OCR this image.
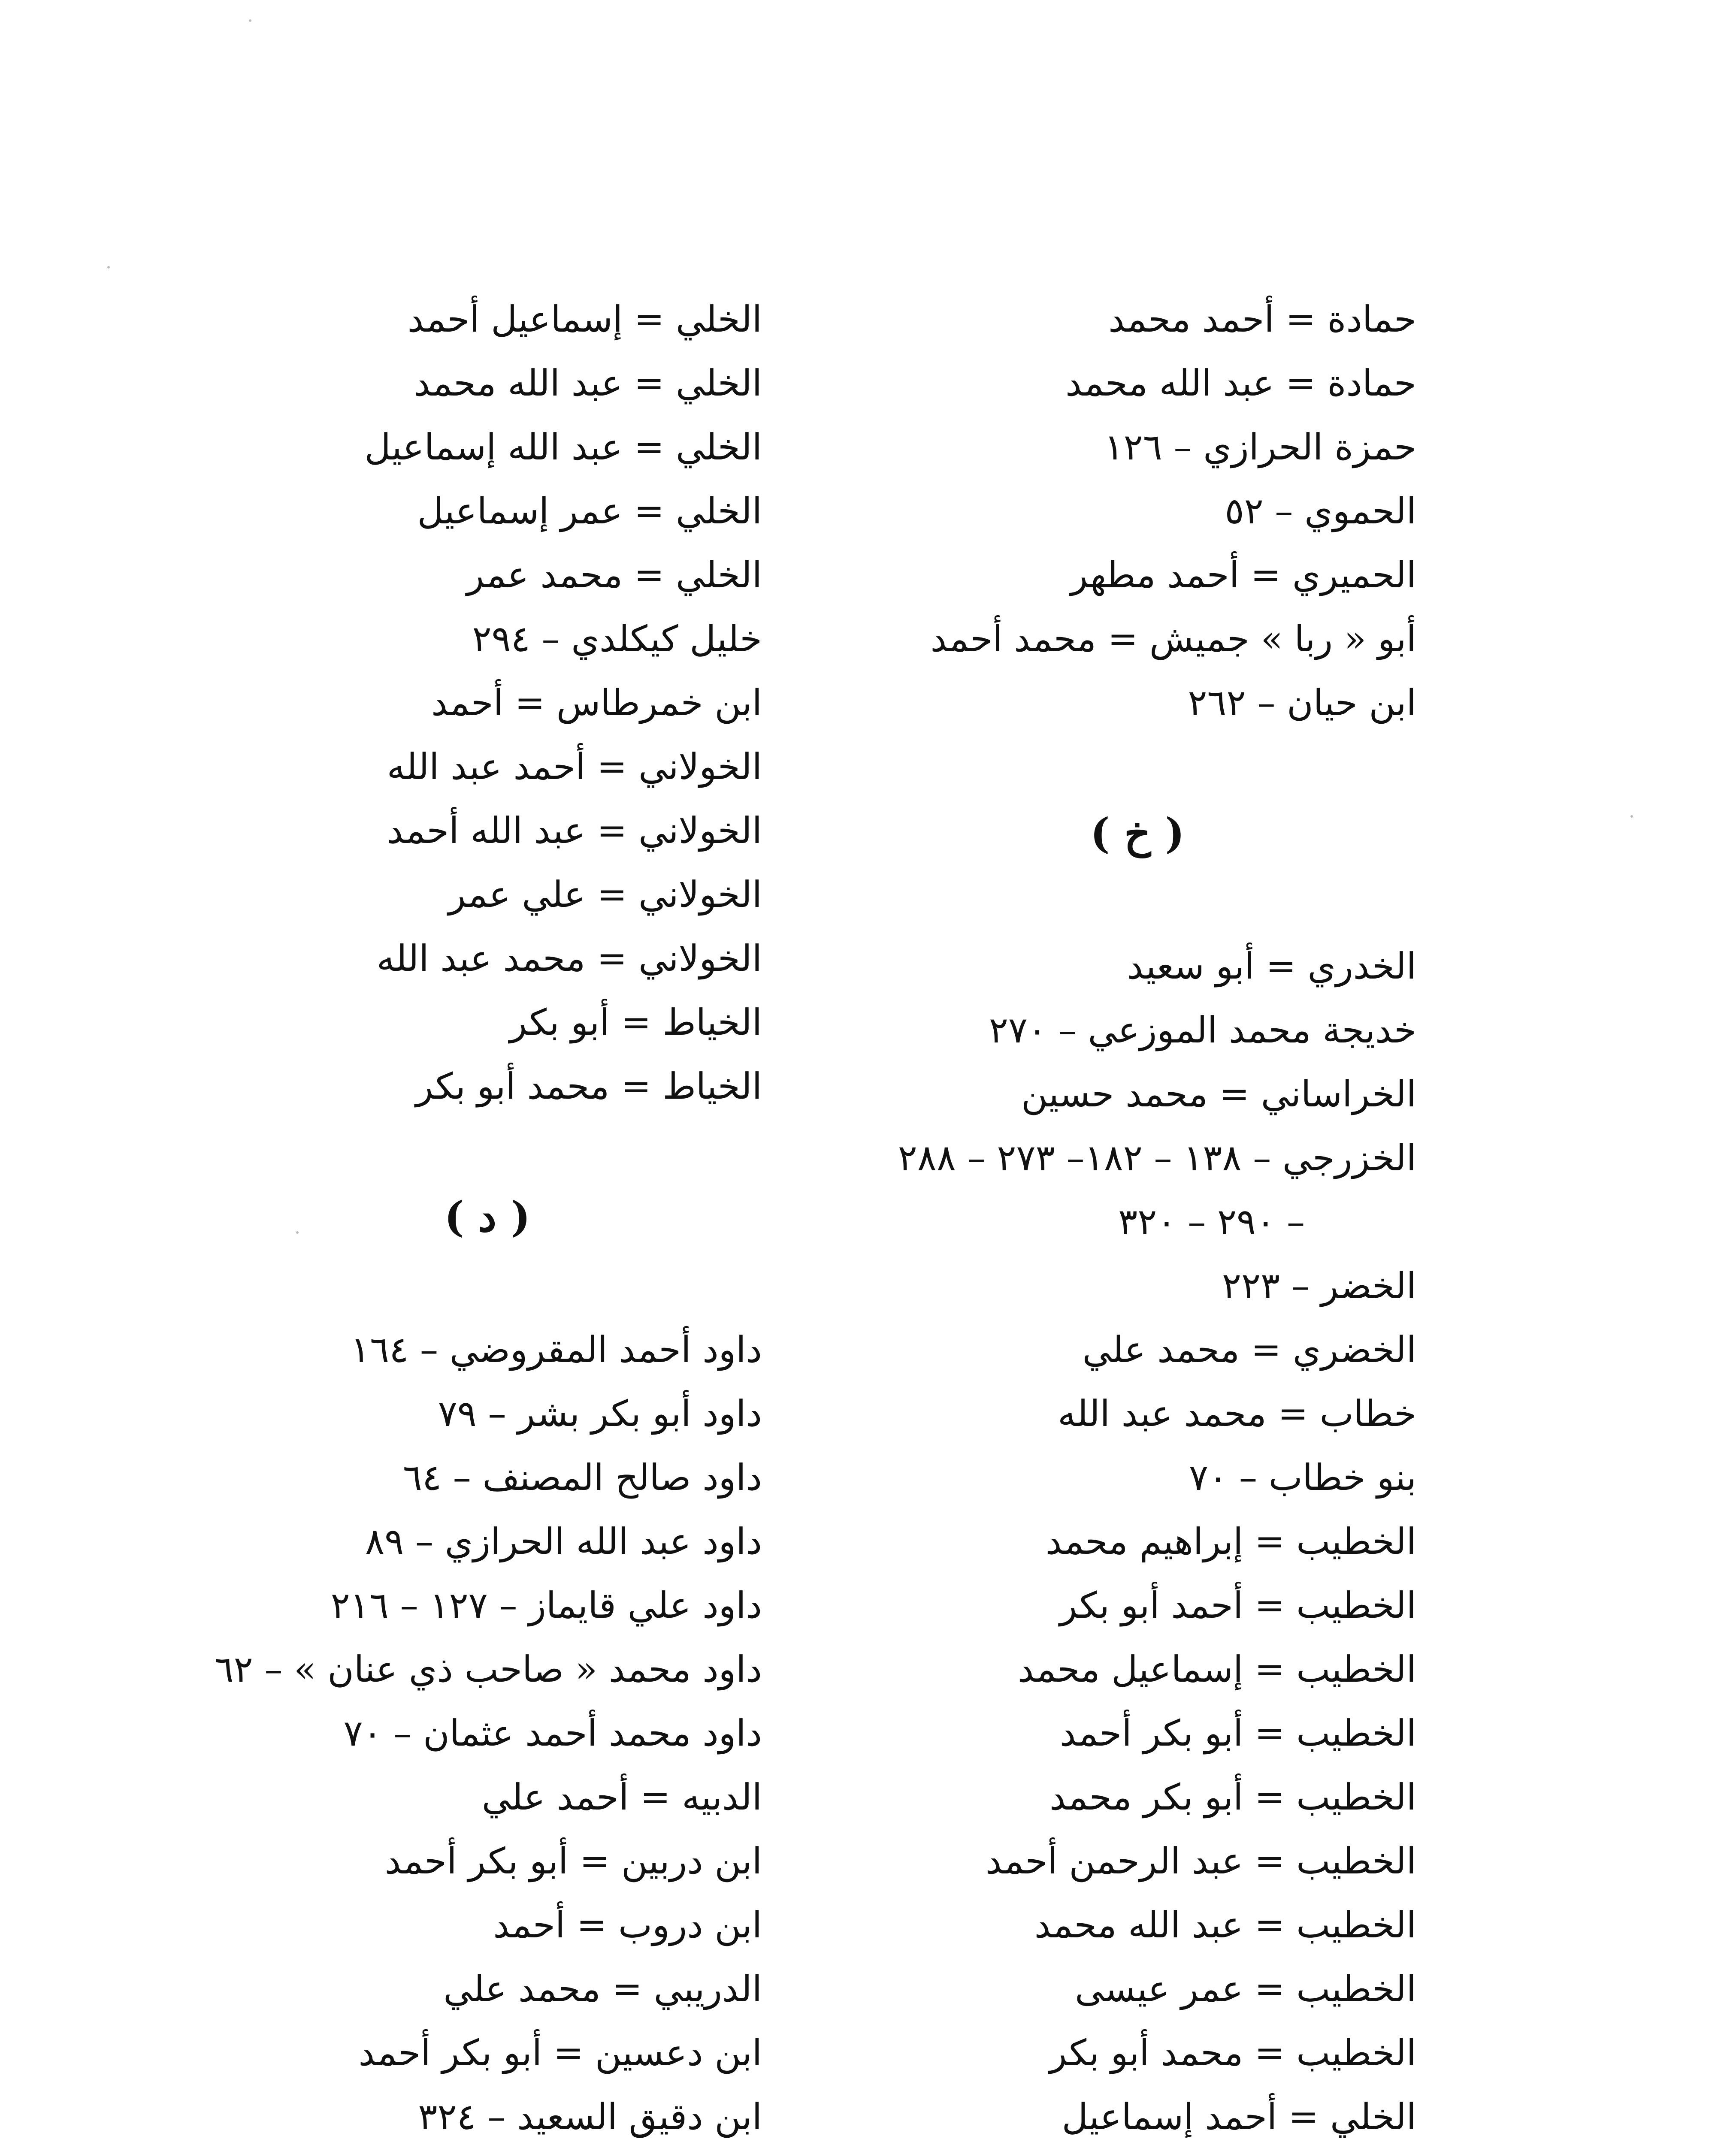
حمادة = أحمد محمد
حمادة = عبد الله محمد
حمزة الحرازي – ١٢٦
الحموي – ٥٢
الحميري = أحمد مطهر
أبو « ربا » جميش = محمد أحمد
ابن حيان – ٢٦٢
( خ )
الخدري = أبو سعيد
خديجة محمد الموزعي – ٢٧٠
الخراساني = محمد حسين
الخزرجي – ١٣٨ – ١٨٢– ٢٧٣ – ٢٨٨
– ٢٩٠ – ٣٢٠
الخضر – ٢٢٣
الخضري = محمد علي
خطاب = محمد عبد الله
بنو خطاب – ٧٠
الخطيب = إبراهيم محمد
الخطيب = أحمد أبو بكر
الخطيب = إسماعيل محمد
الخطيب = أبو بكر أحمد
الخطيب = أبو بكر محمد
الخطيب = عبد الرحمن أحمد
الخطيب = عبد الله محمد
الخطيب = عمر عيسى
الخطيب = محمد أبو بكر
الخلي = أحمد إسماعيل
الخلي = إسماعيل أحمد
الخلي = عبد الله محمد
الخلي = عبد الله إسماعيل
الخلي = عمر إسماعيل
الخلي = محمد عمر
خليل كيكلدي – ٢٩٤
ابن خمرطاس = أحمد
الخولاني = أحمد عبد الله
الخولاني = عبد الله أحمد
الخولاني = علي عمر
الخولاني = محمد عبد الله
الخياط = أبو بكر
الخياط = محمد أبو بكر
( د )
داود أحمد المقروضي – ١٦٤
داود أبو بكر بشر – ٧٩
داود صالح المصنف – ٦٤
داود عبد الله الحرازي – ٨٩
داود علي قايماز – ١٢٧ – ٢١٦
داود محمد « صاحب ذي عنان » – ٦٢
داود محمد أحمد عثمان – ٧٠
الدبيه = أحمد علي
ابن دربين = أبو بكر أحمد
ابن دروب = أحمد
الدريبي = محمد علي
ابن دعسين = أبو بكر أحمد
ابن دقيق السعيد – ٣٢٤
